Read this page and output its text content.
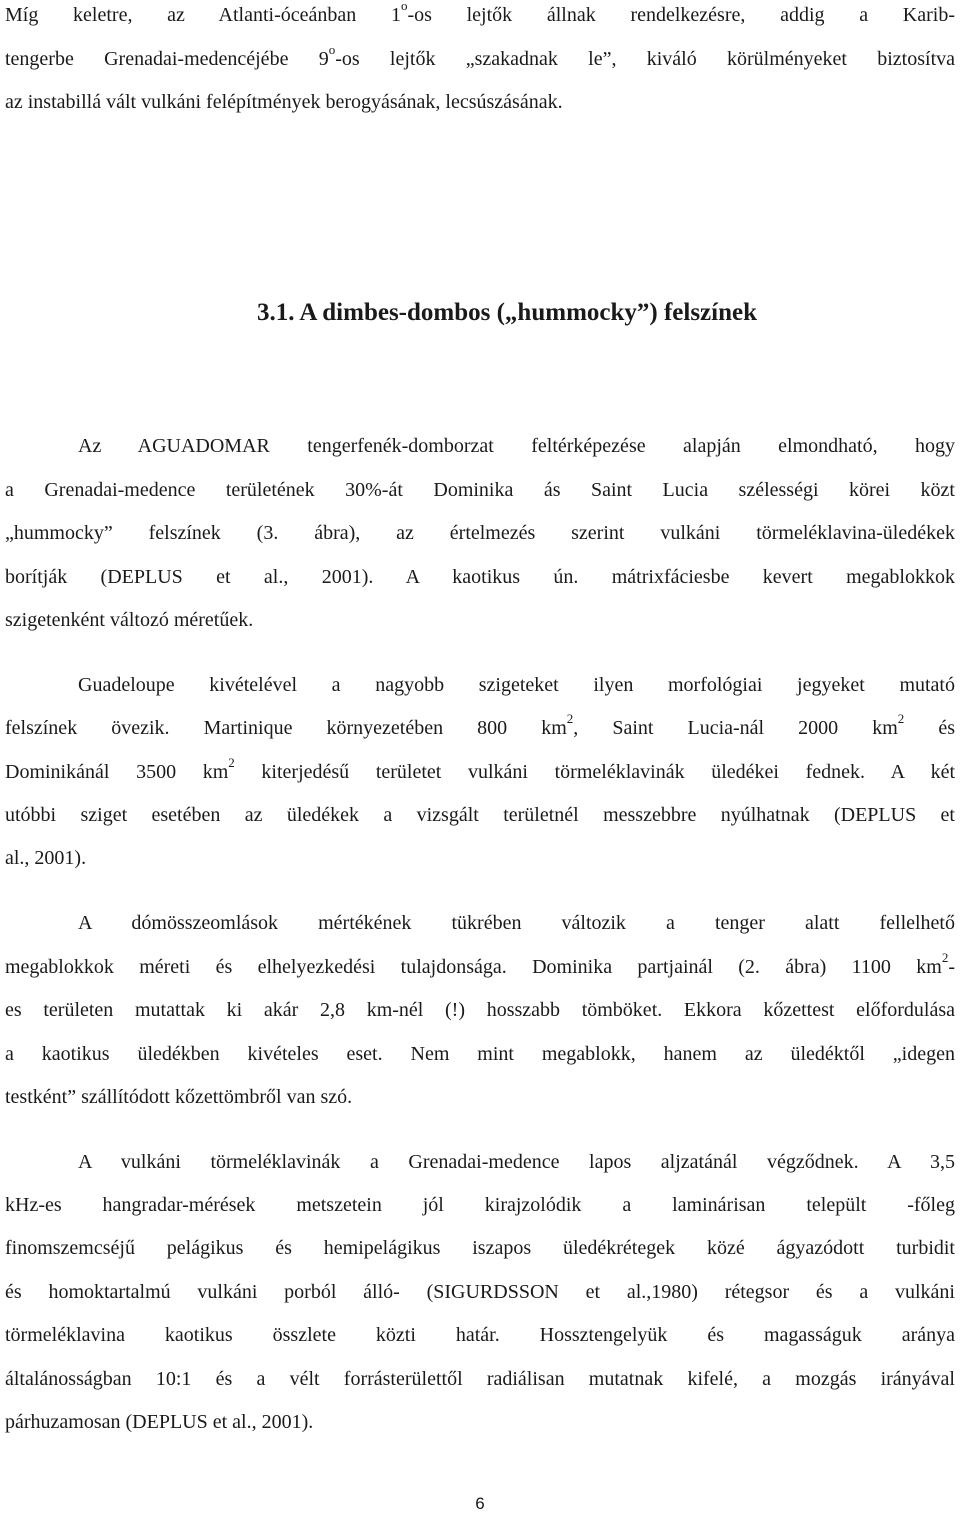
Míg keletre, az Atlanti-óceánban 1$^o$-os lejtők állnak rendelkezésre, addig a Karib-
tengerbe Grenadai-medencéjébe 9$^o$-os lejtők „szakadnak le”, kiváló körülményeket biztosítva
az instabillá vált vulkáni felépítmények berogyásának, lecsúszásának.
3.1. A dimbes-dombos („hummocky”) felszínek
Az AGUADOMAR tengerfenék-domborzat feltérképezése alapján elmondható, hogy
a Grenadai-medence területének 30%-át Dominika ás Saint Lucia szélességi körei közt
„hummocky” felszínek (3. ábra), az értelmezés szerint vulkáni törmeléklavina-üledékek
borítják (DEPLUS et al., 2001). A kaotikus ún. mátrixfáciesbe kevert megablokkok
szigetenként változó méretűek.
Guadeloupe kivételével a nagyobb szigeteket ilyen morfológiai jegyeket mutató
felszínek övezik. Martinique környezetében 800 $km^2$, Saint Lucia-nál 2000 $km^2$ és
Dominikánál 3500 $km^2$ kiterjedésű területet vulkáni törmeléklavinák üledékei fednek. A két
utóbbi sziget esetében az üledékek a vizsgált területnél messzebbre nyúlhatnak (DEPLUS et
al., 2001).
A dómösszeomlások mértékének tükrében változik a tenger alatt fellelhető
megablokkok méreti és elhelyezkedési tulajdonsága. Dominika partjainál (2. ábra) 1100 $km^2-$
es területen mutattak ki akár 2,8 km-nél (!) hosszabb tömböket. Ekkora kőzettest előfordulása
a kaotikus üledékben kivételes eset. Nem mint megablokk, hanem az üledéktől „idegen
testként” szállítódott kőzettömbről van szó.
A vulkáni törmeléklavinák a Grenadai-medence lapos aljzatánál végződnek. A 3,5
kHz-es hangradar-mérések metszetein jól kirajzolódik a laminárisan települt -főleg
finomszemcséjű pelágikus és hemipelágikus iszapos üledékrétegek közé ágyazódott turbidit
és homoktartalmú vulkáni porból álló- (SIGURDSSON et al.,1980) rétegsor és a vulkáni
törmeléklavina kaotikus összlete közti határ. Hossztengelyük és magasságuk aránya
általánosságban 10:1 és a vélt forrásterülettől radiálisan mutatnak kifelé, a mozgás irányával
párhuzamosan (DEPLUS et al., 2001).
6
